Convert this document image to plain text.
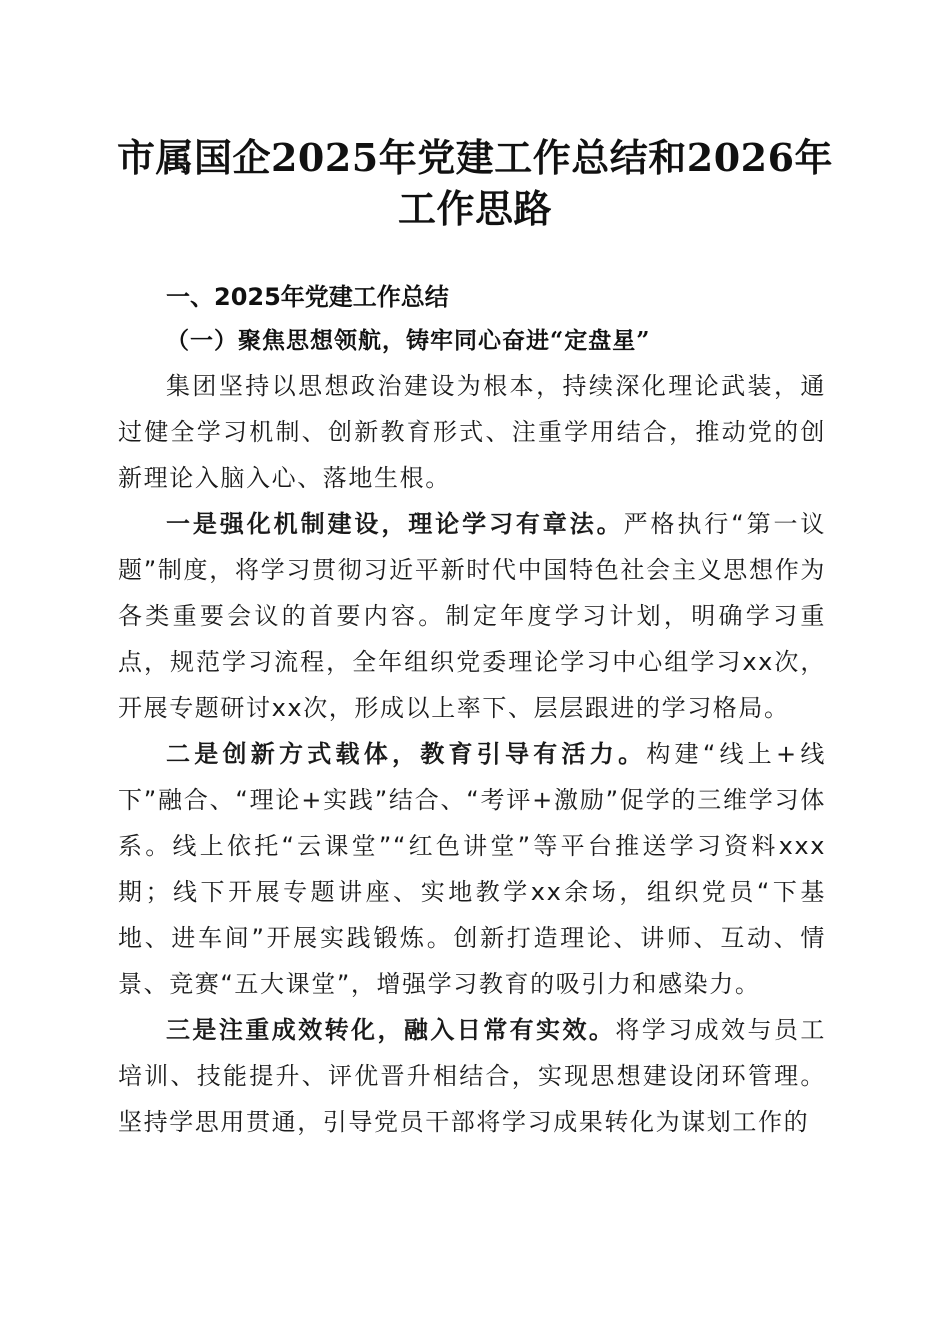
市属国企2025年党建工作总结和2026年工作思路
一、2025年党建工作总结
（一）聚焦思想领航，铸牢同心奋进“定盘星”

集团坚持以思想政治建设为根本，持续深化理论武装，通过健全学习机制、创新教育形式、注重学用结合，推动党的创新理论入脑入心、落地生根。

一是强化机制建设，理论学习有章法。严格执行“第一议题”制度，将学习贯彻习近平新时代中国特色社会主义思想作为各类重要会议的首要内容。制定年度学习计划，明确学习重点，规范学习流程，全年组织党委理论学习中心组学习xx次，开展专题研讨xx次，形成以上率下、层层跟进的学习格局。

二是创新方式载体，教育引导有活力。构建“线上+线下”融合、“理论+实践”结合、“考评+激励”促学的三维学习体系。线上依托“云课堂”“红色讲堂”等平台推送学习资料xxx期；线下开展专题讲座、实地教学xx余场，组织党员“下基地、进车间”开展实践锻炼。创新打造理论、讲师、互动、情景、竞赛“五大课堂”，增强学习教育的吸引力和感染力。

三是注重成效转化，融入日常有实效。将学习成效与员工培训、技能提升、评优晋升相结合，实现思想建设闭环管理。坚持学思用贯通，引导党员干部将学习成果转化为谋划工作的
